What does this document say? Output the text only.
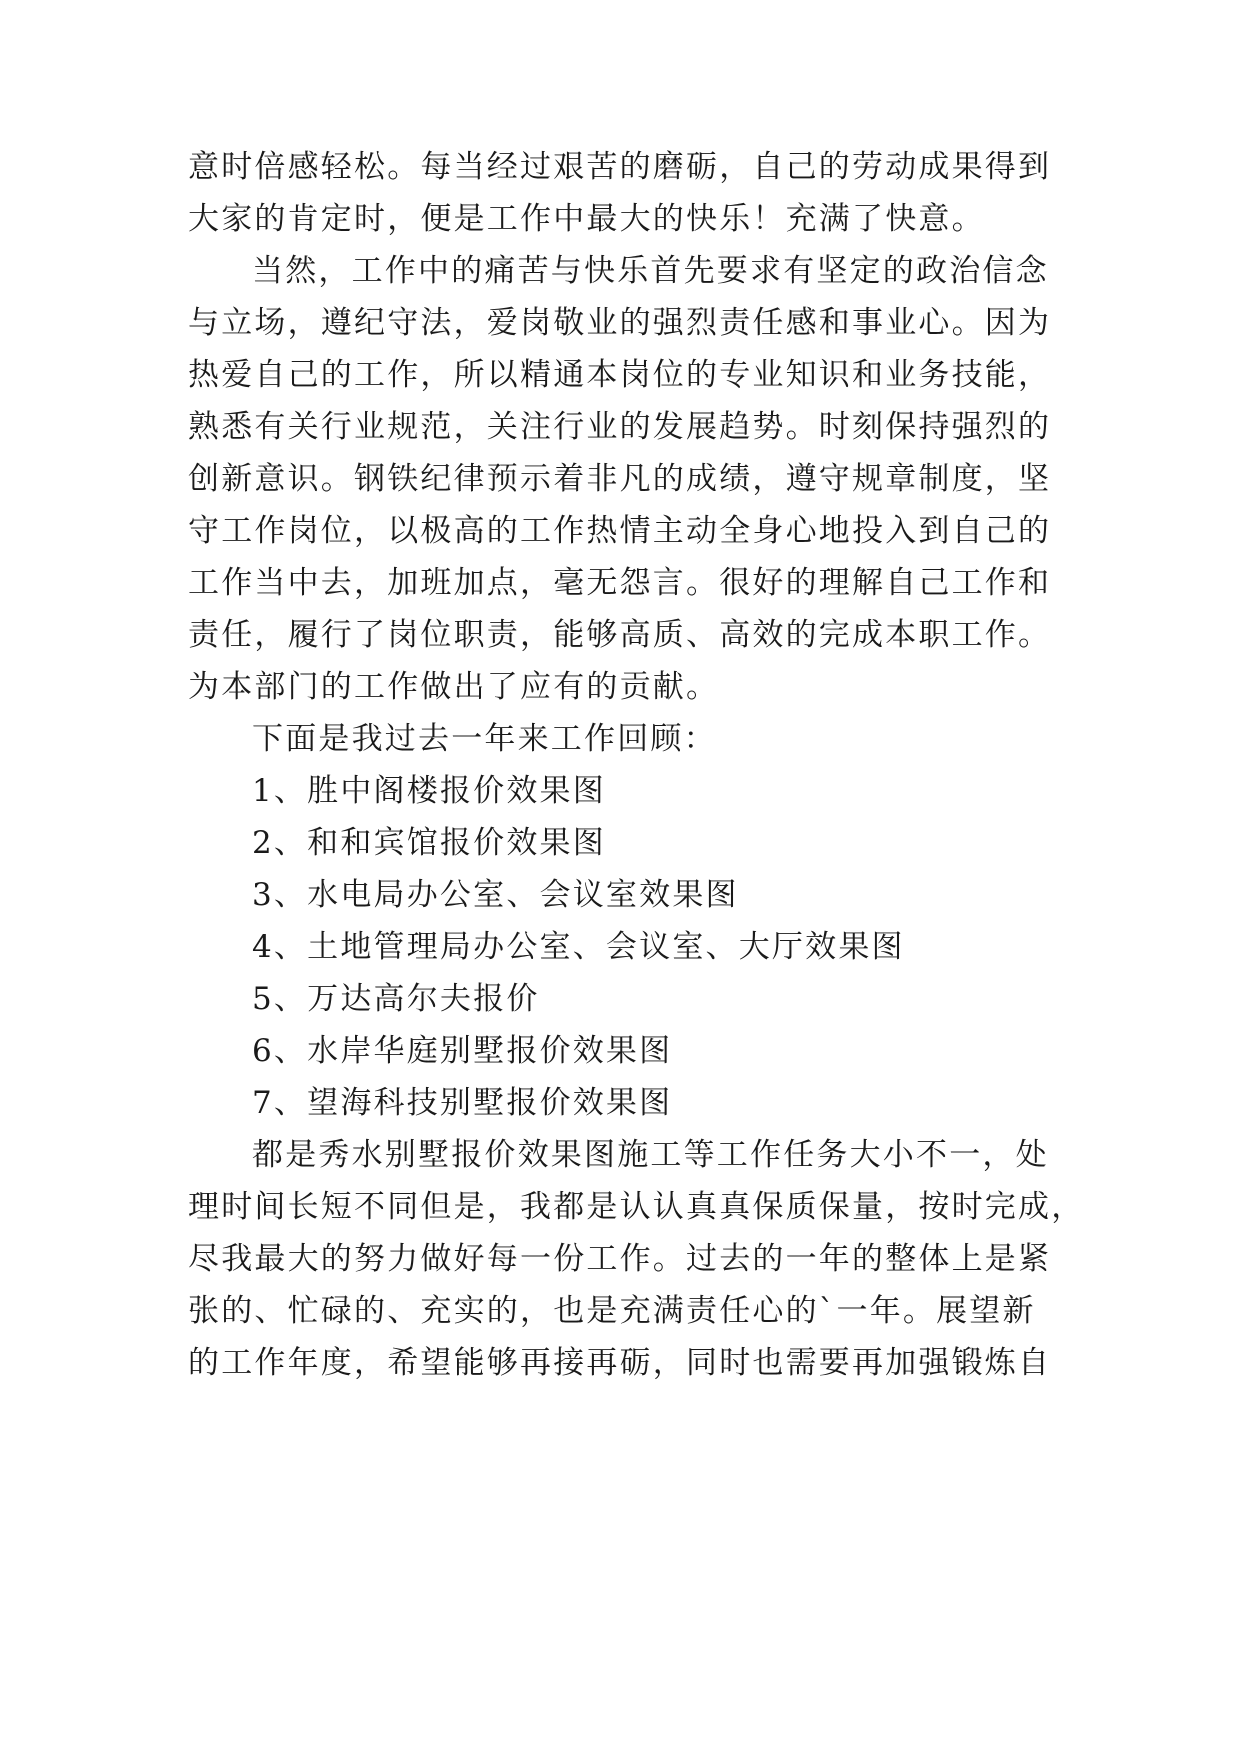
意时倍感轻松。每当经过艰苦的磨砺，自己的劳动成果得到
大家的肯定时，便是工作中最大的快乐！充满了快意。
当然，工作中的痛苦与快乐首先要求有坚定的政治信念
与立场，遵纪守法，爱岗敬业的强烈责任感和事业心。因为
热爱自己的工作，所以精通本岗位的专业知识和业务技能，
熟悉有关行业规范，关注行业的发展趋势。时刻保持强烈的
创新意识。钢铁纪律预示着非凡的成绩，遵守规章制度，坚
守工作岗位，以极高的工作热情主动全身心地投入到自己的
工作当中去，加班加点，毫无怨言。很好的理解自己工作和
责任，履行了岗位职责，能够高质、高效的完成本职工作。
为本部门的工作做出了应有的贡献。
下面是我过去一年来工作回顾：
1、胜中阁楼报价效果图
2、和和宾馆报价效果图
3、水电局办公室、会议室效果图
4、土地管理局办公室、会议室、大厅效果图
5、万达高尔夫报价
6、水岸华庭别墅报价效果图
7、望海科技别墅报价效果图
都是秀水别墅报价效果图施工等工作任务大小不一，处
理时间长短不同但是，我都是认认真真保质保量，按时完成，
尽我最大的努力做好每一份工作。过去的一年的整体上是紧
张的、忙碌的、充实的，也是充满责任心的`一年。展望新
的工作年度，希望能够再接再砺，同时也需要再加强锻炼自
